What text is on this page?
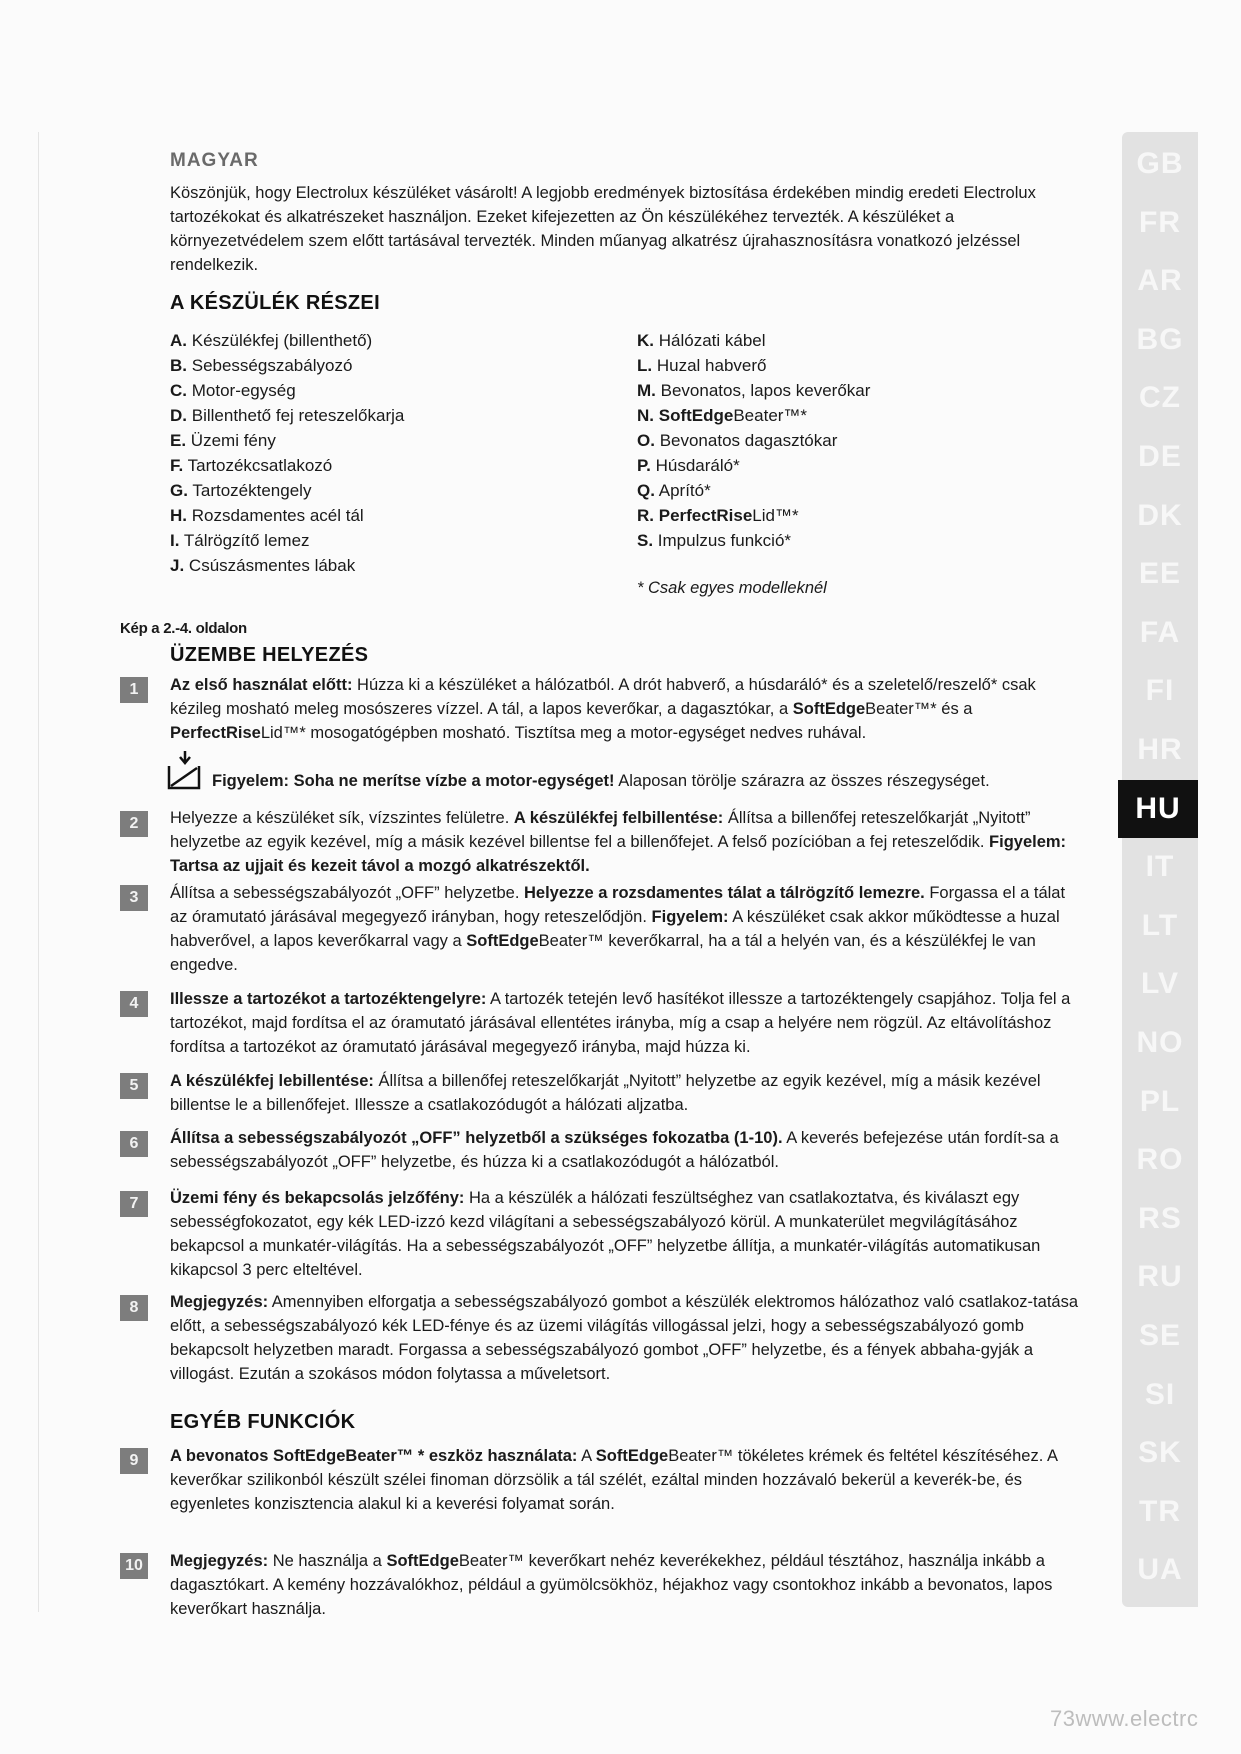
MAGYAR
Köszönjük, hogy Electrolux készüléket vásárolt! A legjobb eredmények biztosítása érdekében mindig eredeti Electrolux tartozékokat és alkatrészeket használjon. Ezeket kifejezetten az Ön készülékéhez tervezték. A készüléket a környezetvédelem szem előtt tartásával tervezték. Minden műanyag alkatrész újrahasznosításra vonatkozó jelzéssel rendelkezik.
A KÉSZÜLÉK RÉSZEI
A. Készülékfej (billenthető)
B. Sebességszabályozó
C. Motor-egység
D. Billenthető fej reteszelőkarja
E. Üzemi fény
F. Tartozékcsatlakozó
G. Tartozéktengely
H. Rozsdamentes acél tál
I. Tálrögzítő lemez
J. Csúszásmentes lábak
K. Hálózati kábel
L. Huzal habverő
M. Bevonatos, lapos keverőkar
N. SoftEdgeBeater™*
O. Bevonatos dagasztókar
P. Húsdaráló*
Q. Aprító*
R. PerfectRiseLid™*
S. Impulzus funkció*
* Csak egyes modelleknél
Kép a 2.-4. oldalon
ÜZEMBE HELYEZÉS
1	Az első használat előtt: Húzza ki a készüléket a hálózatból. A drót habverő, a húsdaráló* és a szeletelő/reszelő* csak kézileg mosható meleg mosószeres vízzel. A tál, a lapos keverőkar, a dagasztókar, a SoftEdgeBeater™* és a PerfectRiseLid™* mosogatógépben mosható. Tisztítsa meg a motor-egységet nedves ruhával.
2	Helyezze a készüléket sík, vízszintes felületre. A készülékfej felbillentése: Állítsa a billenőfej reteszelőkarját „Nyitott” helyzetbe az egyik kezével, míg a másik kezével billentse fel a billenőfejet. A felső pozícióban a fej reteszelődik. Figyelem: Tartsa az ujjait és kezeit távol a mozgó alkatrészektől.
3	Állítsa a sebességszabályozót „OFF” helyzetbe. Helyezze a rozsdamentes tálat a tálrögzítő lemezre. Forgassa el a tálat az óramutató járásával megegyező irányban, hogy reteszelődjön. Figyelem: A készüléket csak akkor működtesse a huzal habverővel, a lapos keverőkarral vagy a SoftEdgeBeater™ keverőkarral, ha a tál a helyén van, és a készülékfej le van engedve.
4	Illessze a tartozékot a tartozéktengelyre: A tartozék tetején levő hasítékot illessze a tartozéktengely csapjához. Tolja fel a tartozékot, majd fordítsa el az óramutató járásával ellentétes irányba, míg a csap a helyére nem rögzül. Az eltávolításhoz fordítsa a tartozékot az óramutató járásával megegyező irányba, majd húzza ki.
5	A készülékfej lebillentése: Állítsa a billenőfej reteszelőkarját „Nyitott” helyzetbe az egyik kezével, míg a másik kezével billentse le a billenőfejet. Illessze a csatlakozódugót a hálózati aljzatba.
6	Állítsa a sebességszabályozót „OFF” helyzetből a szükséges fokozatba (1-10). A keverés befejezése után fordít-sa a sebességszabályozót „OFF” helyzetbe, és húzza ki a csatlakozódugót a hálózatból.
7	Üzemi fény és bekapcsolás jelzőfény: Ha a készülék a hálózati feszültséghez van csatlakoztatva, és kiválaszt egy sebességfokozatot, egy kék LED-izzó kezd világítani a sebességszabályozó körül. A munkaterület megvilágításához bekapcsol a munkatér-világítás. Ha a sebességszabályozót „OFF” helyzetbe állítja, a munkatér-világítás automatikusan kikapcsol 3 perc elteltével.
8	Megjegyzés: Amennyiben elforgatja a sebességszabályozó gombot a készülék elektromos hálózathoz való csatlakoz-tatása előtt, a sebességszabályozó kék LED-fénye és az üzemi világítás villogással jelzi, hogy a sebességszabályozó gomb bekapcsolt helyzetben maradt. Forgassa a sebességszabályozó gombot „OFF” helyzetbe, és a fények abbaha-gyják a villogást. Ezután a szokásos módon folytassa a műveletsort.
Figyelem: Soha ne merítse vízbe a motor-egységet! Alaposan törölje szárazra az összes részegységet.
EGYÉB FUNKCIÓK
9	A bevonatos SoftEdgeBeater™ * eszköz használata: A SoftEdgeBeater™ tökéletes krémek és feltétel készítéséhez. A keverőkar szilikonból készült szélei finoman dörzsölik a tál szélét, ezáltal minden hozzávaló bekerül a keverék-be, és egyenletes konzisztencia alakul ki a keverési folyamat során.
10	Megjegyzés: Ne használja a SoftEdgeBeater™ keverőkart nehéz keverékekhez, például tésztához, használja inkább a dagasztókart. A kemény hozzávalókhoz, például a gyümölcsökhöz, héjakhoz vagy csontokhoz inkább a bevonatos, lapos keverőkart használja.
GB
FR
AR
BG
CZ
DE
DK
EE
FA
FI
HR
HU
IT
LT
LV
NO
PL
RO
RS
RU
SE
SI
SK
TR
UA
73www.electrc
